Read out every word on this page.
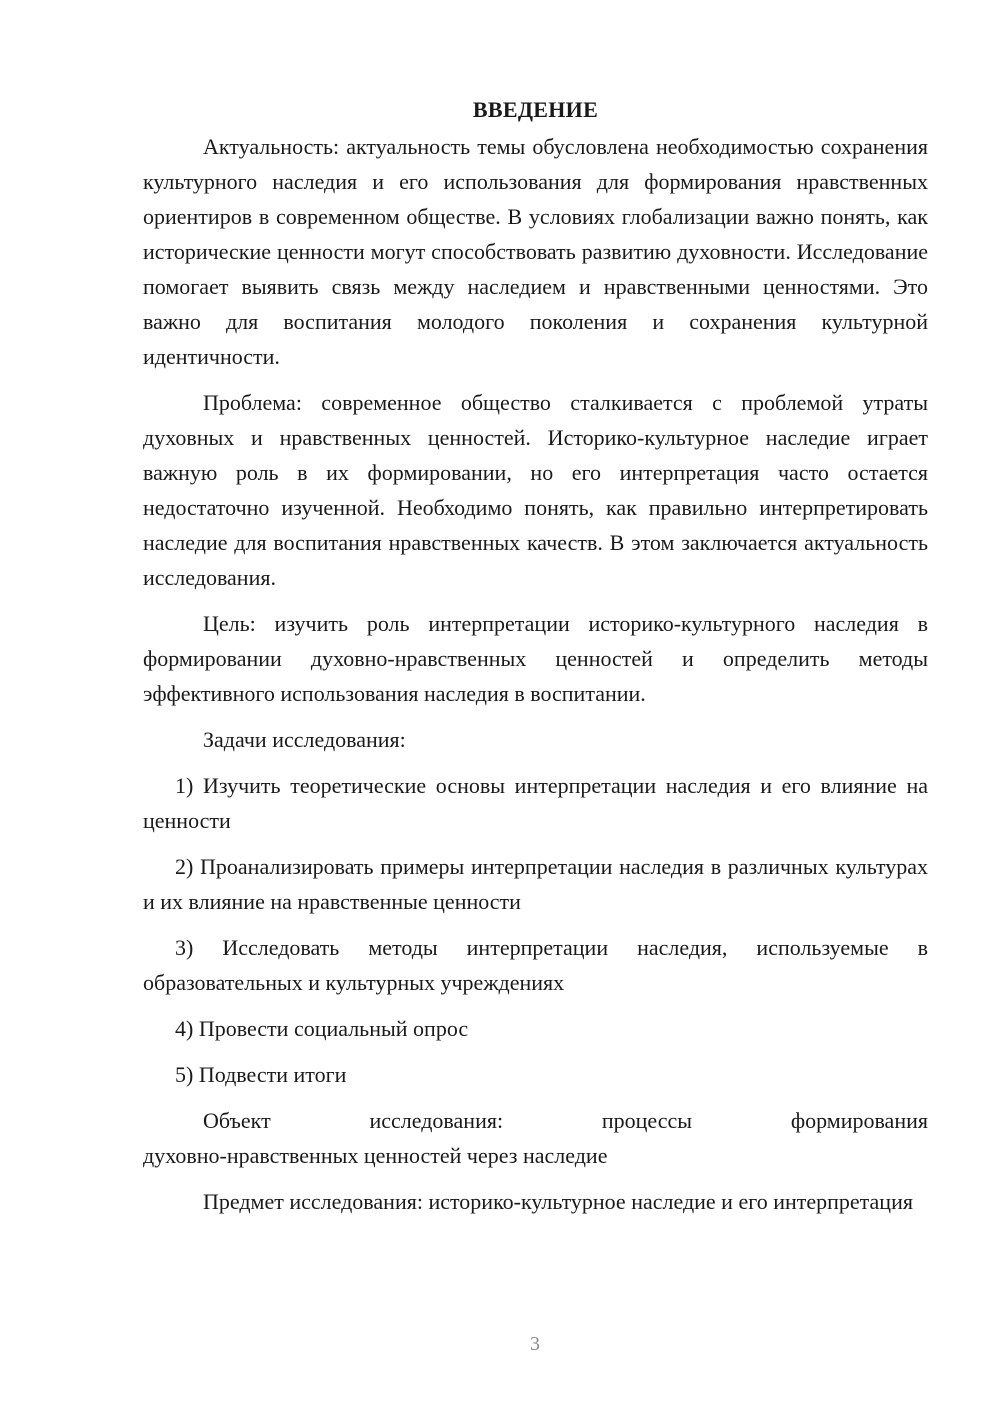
ВВЕДЕНИЕ

Актуальность: актуальность темы обусловлена необходимостью сохранения культурного наследия и его использования для формирования нравственных ориентиров в современном обществе. В условиях глобализации важно понять, как исторические ценности могут способствовать развитию духовности. Исследование помогает выявить связь между наследием и нравственными ценностями. Это важно для воспитания молодого поколения и сохранения культурной идентичности.

Проблема: современное общество сталкивается с проблемой утраты духовных и нравственных ценностей. Историко-культурное наследие играет важную роль в их формировании, но его интерпретация часто остается недостаточно изученной. Необходимо понять, как правильно интерпретировать наследие для воспитания нравственных качеств. В этом заключается актуальность исследования.

Цель: изучить роль интерпретации историко-культурного наследия в формировании духовно-нравственных ценностей и определить методы эффективного использования наследия в воспитании.

Задачи исследования:

1) Изучить теоретические основы интерпретации наследия и его влияние на ценности

2) Проанализировать примеры интерпретации наследия в различных культурах и их влияние на нравственные ценности

3) Исследовать методы интерпретации наследия, используемые в образовательных и культурных учреждениях

4) Провести социальный опрос

5) Подвести итоги

Объект	исследования:	процессы	формирования
духовно-нравственных ценностей через наследие

Предмет исследования: историко-культурное наследие и его интерпретация

3
